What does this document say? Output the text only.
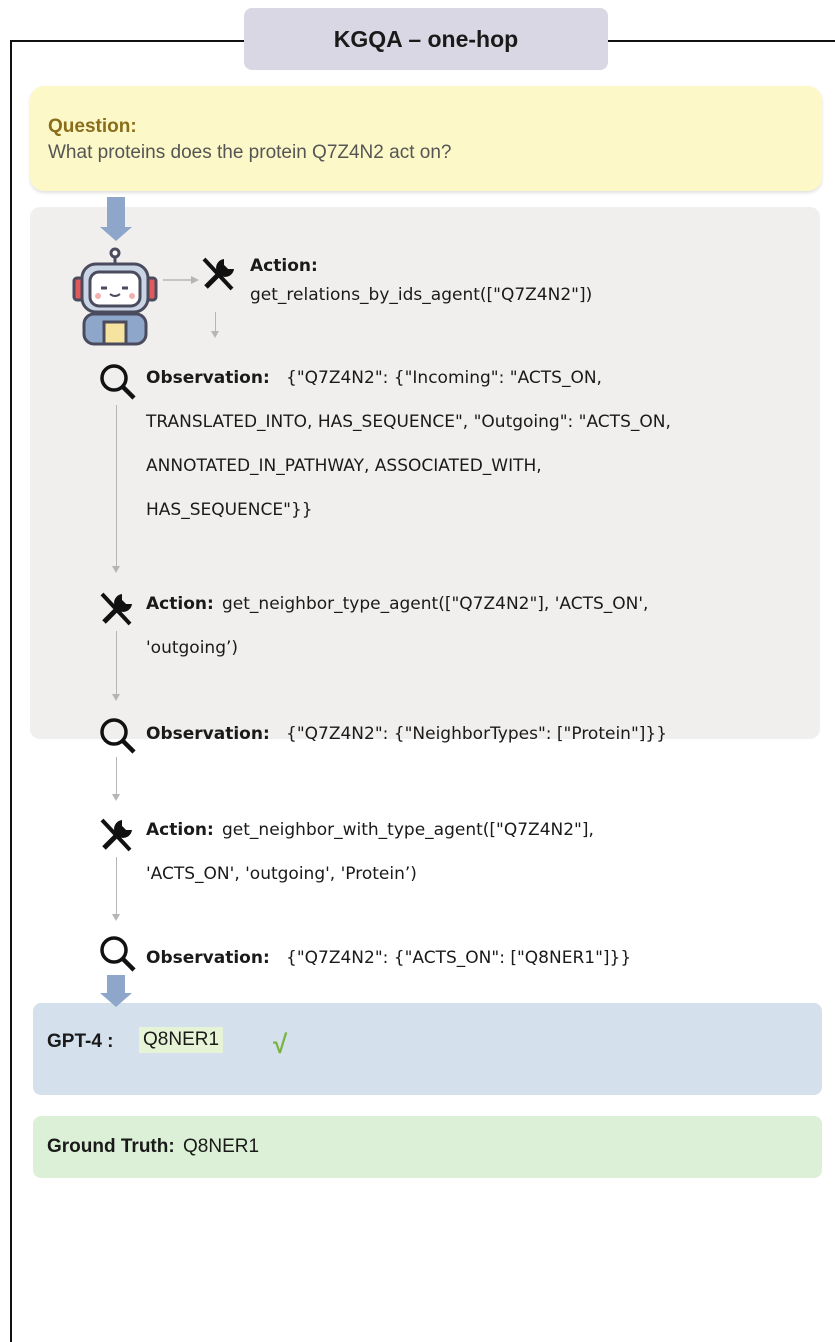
KGQA – one-hop
Question:
What proteins does the protein Q7Z4N2 act on?
Action:
get_relations_by_ids_agent(["Q7Z4N2"])
Observation: {"Q7Z4N2": {"Incoming": "ACTS_ON,
TRANSLATED_INTO, HAS_SEQUENCE", "Outgoing": "ACTS_ON,
ANNOTATED_IN_PATHWAY, ASSOCIATED_WITH,
HAS_SEQUENCE"}}
Action: get_neighbor_type_agent(["Q7Z4N2"], 'ACTS_ON',
'outgoing’)
Observation: {"Q7Z4N2": {"NeighborTypes": ["Protein"]}}
Action: get_neighbor_with_type_agent(["Q7Z4N2"],
'ACTS_ON', 'outgoing', 'Protein’)
Observation: {"Q7Z4N2": {"ACTS_ON": ["Q8NER1"]}}
GPT-4 : Q8NER1 √
Ground Truth: Q8NER1
